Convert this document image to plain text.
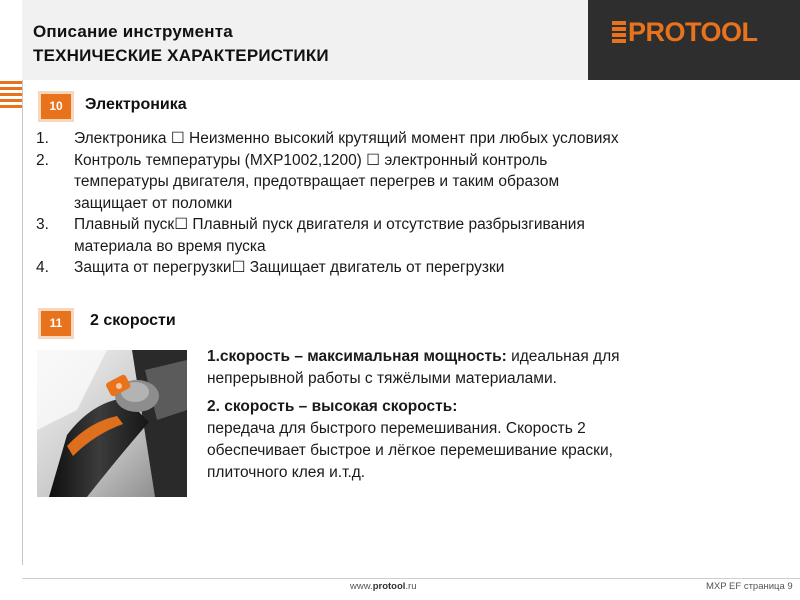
Описание инструмента
ТЕХНИЧЕСКИЕ ХАРАКТЕРИСТИКИ
PROTOOL
10	Электроника
1. Электроника ☐ Неизменно высокий крутящий момент при любых условиях
2. Контроль температуры (MXP1002,1200) ☐ электронный контроль
температуры двигателя, предотвращает перегрев и таким образом
защищает от поломки
3. Плавный пуск☐ Плавный пуск двигателя и отсутствие разбрызгивания
материала во время пуска
4. Защита от перегрузки☐ Защищает двигатель от перегрузки
11	2 скорости

1.скорость – максимальная мощность: идеальная для
непрерывной работы с тяжёлыми материалами.

2. скорость – высокая скорость:
передача для быстрого перемешивания. Скорость 2
обеспечивает быстрое и лёгкое перемешивание краски,
плиточного клея и.т.д.

www.protool.ru	MXP EF страница 9
